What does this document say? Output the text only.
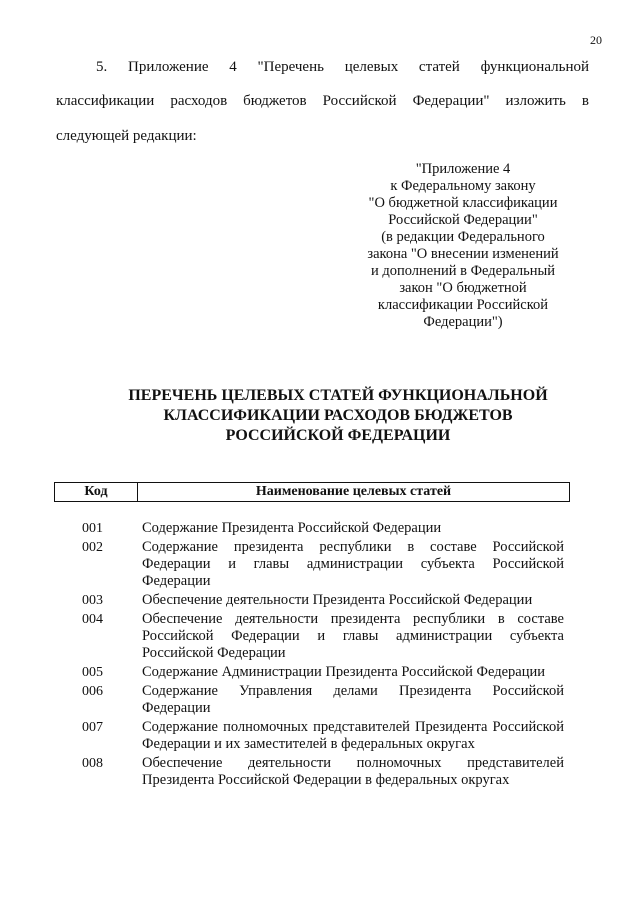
20
5. Приложение 4 "Перечень целевых статей функциональной
классификации расходов бюджетов Российской Федерации" изложить в
следующей редакции:
"Приложение 4
к Федеральному закону
"О бюджетной классификации
Российской Федерации"
(в редакции Федерального
закона "О внесении изменений
и дополнений в Федеральный
закон "О бюджетной
классификации Российской
Федерации")
ПЕРЕЧЕНЬ ЦЕЛЕВЫХ СТАТЕЙ ФУНКЦИОНАЛЬНОЙ
КЛАССИФИКАЦИИ РАСХОДОВ БЮДЖЕТОВ
РОССИЙСКОЙ ФЕДЕРАЦИИ
Код	Наименование целевых статей
001	Содержание Президента Российской Федерации
002	Содержание президента республики в составе Российской Федерации и главы администрации субъекта Российской Федерации
003	Обеспечение деятельности Президента Российской Федерации
004	Обеспечение деятельности президента республики в составе Российской Федерации и главы администрации субъекта Российской Федерации
005	Содержание Администрации Президента Российской Федерации
006	Содержание Управления делами Президента Российской Федерации
007	Содержание полномочных представителей Президента Российской Федерации и их заместителей в федеральных округах
008	Обеспечение деятельности полномочных представителей Президента Российской Федерации в федеральных округах
